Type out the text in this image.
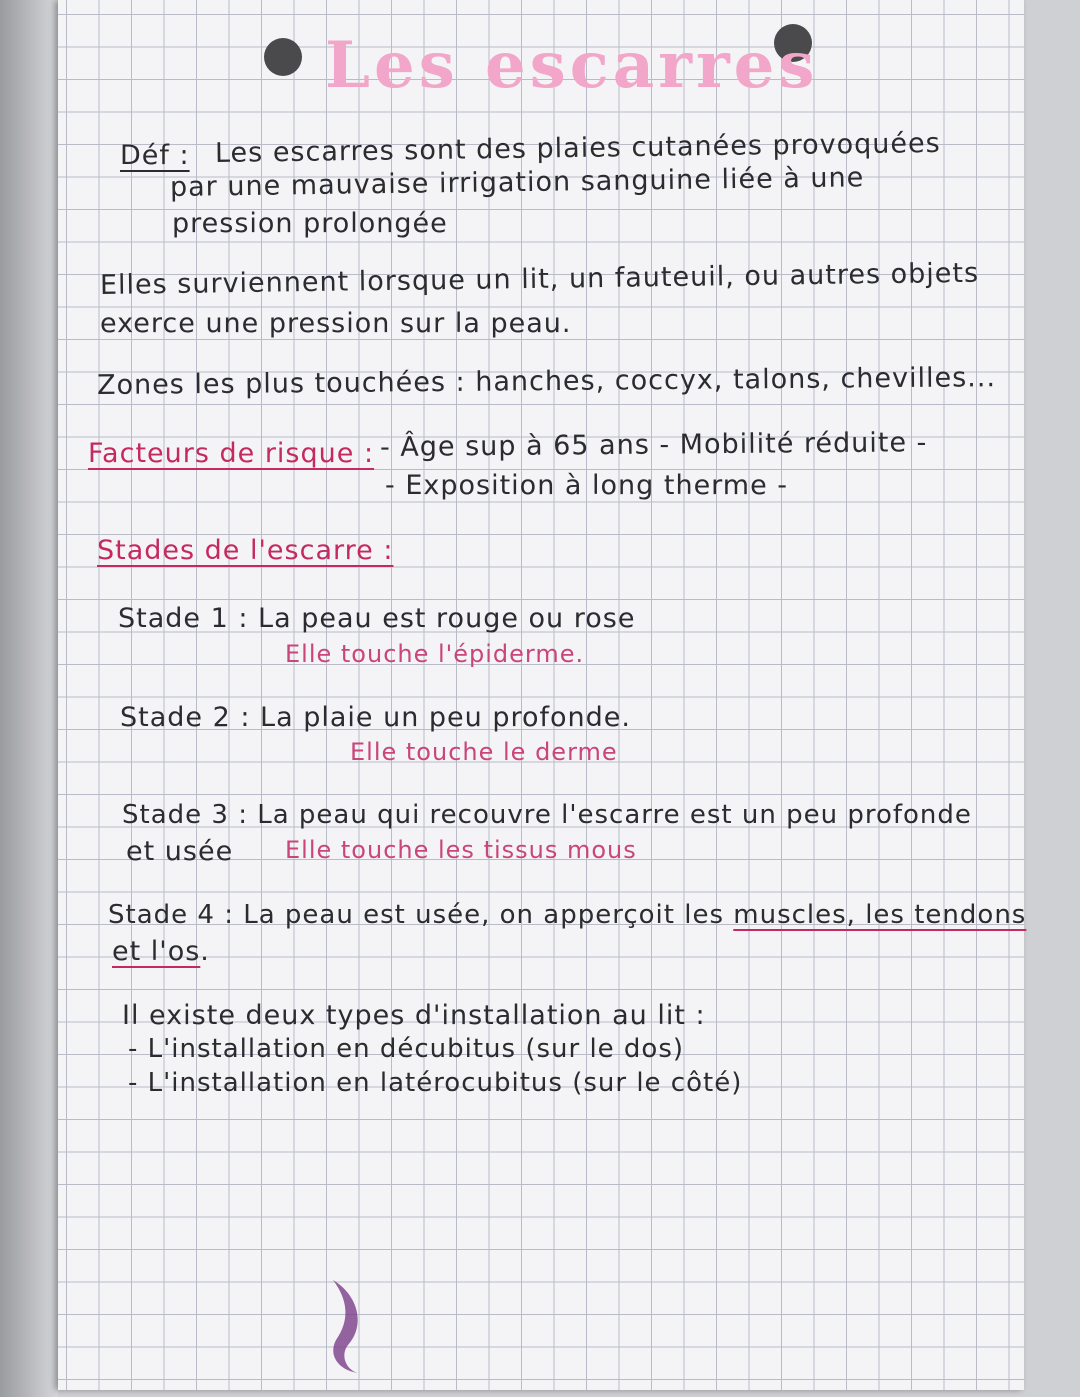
Les escarres
Déf : Les escarres sont des plaies cutanées provoquées
par une mauvaise irrigation sanguine liée à une
pression prolongée
Elles surviennent lorsque un lit, un fauteuil, ou autres objets
exerce une pression sur la peau.
Zones les plus touchées : hanches, coccyx, talons, chevilles...
Facteurs de risque : - Âge sup à 65 ans - Mobilité réduite -
- Exposition à long therme -
Stades de l'escarre :
Stade 1 : La peau est rouge ou rose
Elle touche l'épiderme.
Stade 2 : La plaie un peu profonde.
Elle touche le derme
Stade 3 : La peau qui recouvre l'escarre est un peu profonde
et usée Elle touche les tissus mous
Stade 4 : La peau est usée, on apperçoit les muscles, les tendons
et l'os.
Il existe deux types d'installation au lit :
- L'installation en décubitus (sur le dos)
- L'installation en latérocubitus (sur le côté)
